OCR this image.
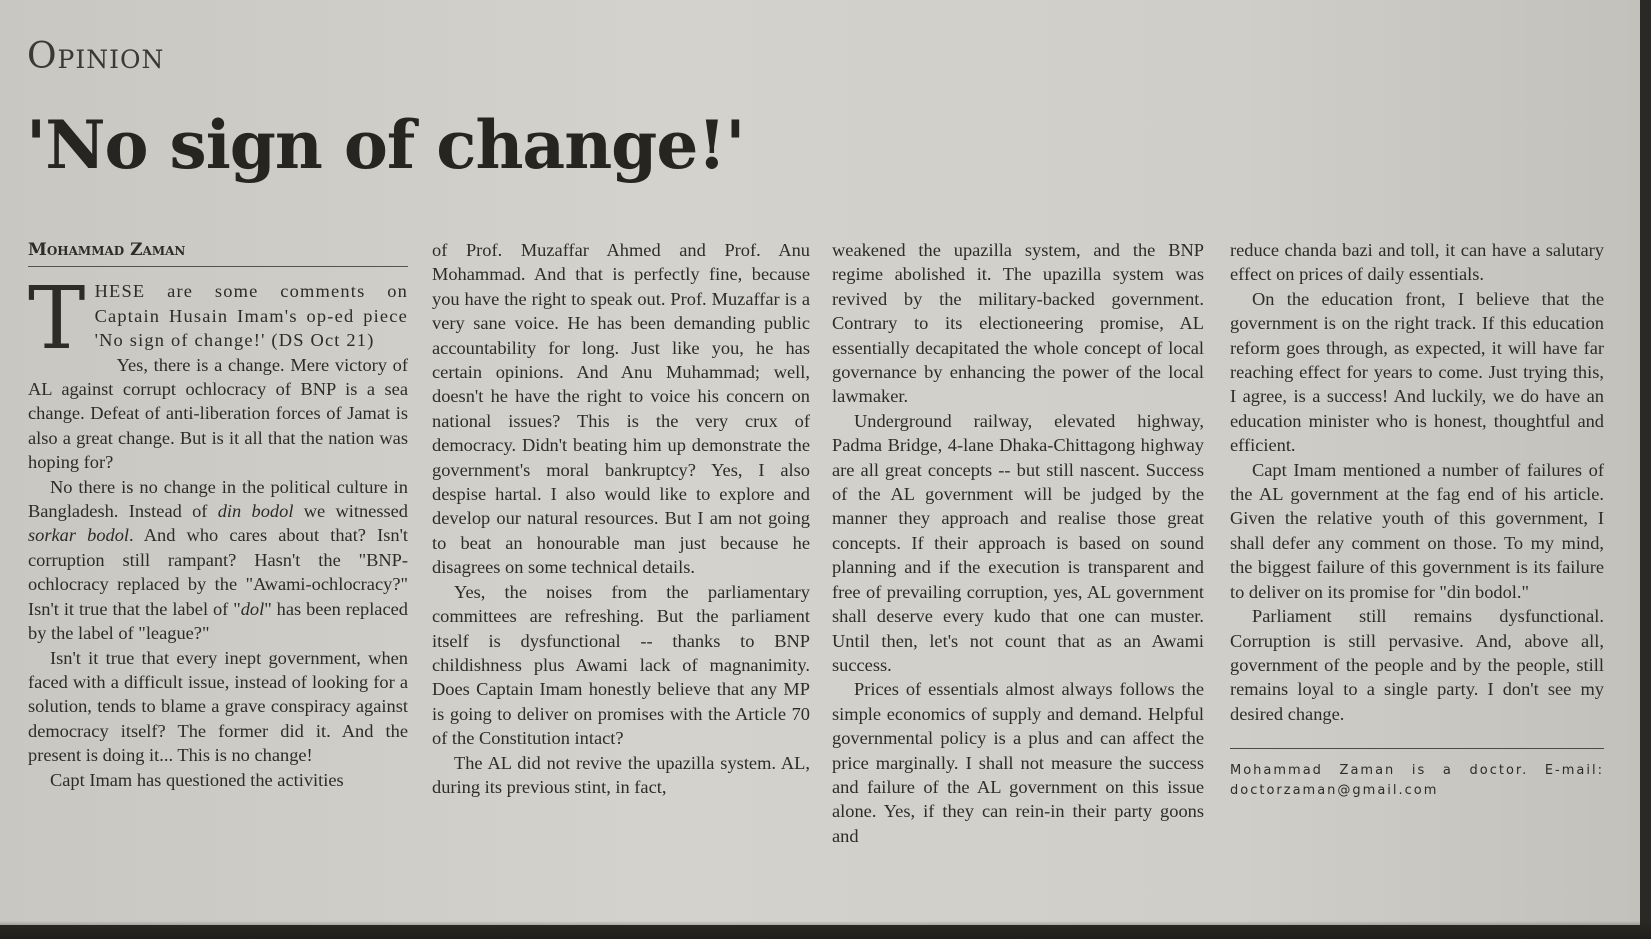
Opinion
'No sign of change!'
Mohammad Zaman

THESE are some comments on Captain Husain Imam's op-ed piece 'No sign of change!' (DS Oct 21)

Yes, there is a change. Mere victory of AL against corrupt ochlocracy of BNP is a sea change. Defeat of anti-liberation forces of Jamat is also a great change. But is it all that the nation was hoping for?

No there is no change in the political culture in Bangladesh. Instead of din bodol we witnessed sorkar bodol. And who cares about that? Isn't corruption still rampant? Hasn't the "BNP-ochlocracy replaced by the "Awami-ochlocracy?" Isn't it true that the label of "dol" has been replaced by the label of "league?"

Isn't it true that every inept government, when faced with a difficult issue, instead of looking for a solution, tends to blame a grave conspiracy against democracy itself? The former did it. And the present is doing it... This is no change!

Capt Imam has questioned the activities

of Prof. Muzaffar Ahmed and Prof. Anu Mohammad. And that is perfectly fine, because you have the right to speak out. Prof. Muzaffar is a very sane voice. He has been demanding public accountability for long. Just like you, he has certain opinions. And Anu Muhammad; well, doesn't he have the right to voice his concern on national issues? This is the very crux of democracy. Didn't beating him up demonstrate the government's moral bankruptcy? Yes, I also despise hartal. I also would like to explore and develop our natural resources. But I am not going to beat an honourable man just because he disagrees on some technical details.

Yes, the noises from the parliamentary committees are refreshing. But the parliament itself is dysfunctional -- thanks to BNP childishness plus Awami lack of magnanimity. Does Captain Imam honestly believe that any MP is going to deliver on promises with the Article 70 of the Constitution intact?

The AL did not revive the upazilla system. AL, during its previous stint, in fact,

weakened the upazilla system, and the BNP regime abolished it. The upazilla system was revived by the military-backed government. Contrary to its electioneering promise, AL essentially decapitated the whole concept of local governance by enhancing the power of the local lawmaker.

Underground railway, elevated highway, Padma Bridge, 4-lane Dhaka-Chittagong highway are all great concepts -- but still nascent. Success of the AL government will be judged by the manner they approach and realise those great concepts. If their approach is based on sound planning and if the execution is transparent and free of prevailing corruption, yes, AL government shall deserve every kudo that one can muster. Until then, let's not count that as an Awami success.

Prices of essentials almost always follows the simple economics of supply and demand. Helpful governmental policy is a plus and can affect the price marginally. I shall not measure the success and failure of the AL government on this issue alone. Yes, if they can rein-in their party goons and

reduce chanda bazi and toll, it can have a salutary effect on prices of daily essentials.

On the education front, I believe that the government is on the right track. If this education reform goes through, as expected, it will have far reaching effect for years to come. Just trying this, I agree, is a success! And luckily, we do have an education minister who is honest, thoughtful and efficient.

Capt Imam mentioned a number of failures of the AL government at the fag end of his article. Given the relative youth of this government, I shall defer any comment on those. To my mind, the biggest failure of this government is its failure to deliver on its promise for "din bodol."

Parliament still remains dysfunctional. Corruption is still pervasive. And, above all, government of the people and by the people, still remains loyal to a single party. I don't see my desired change.

Mohammad Zaman is a doctor. E-mail: doctorzaman@gmail.com
